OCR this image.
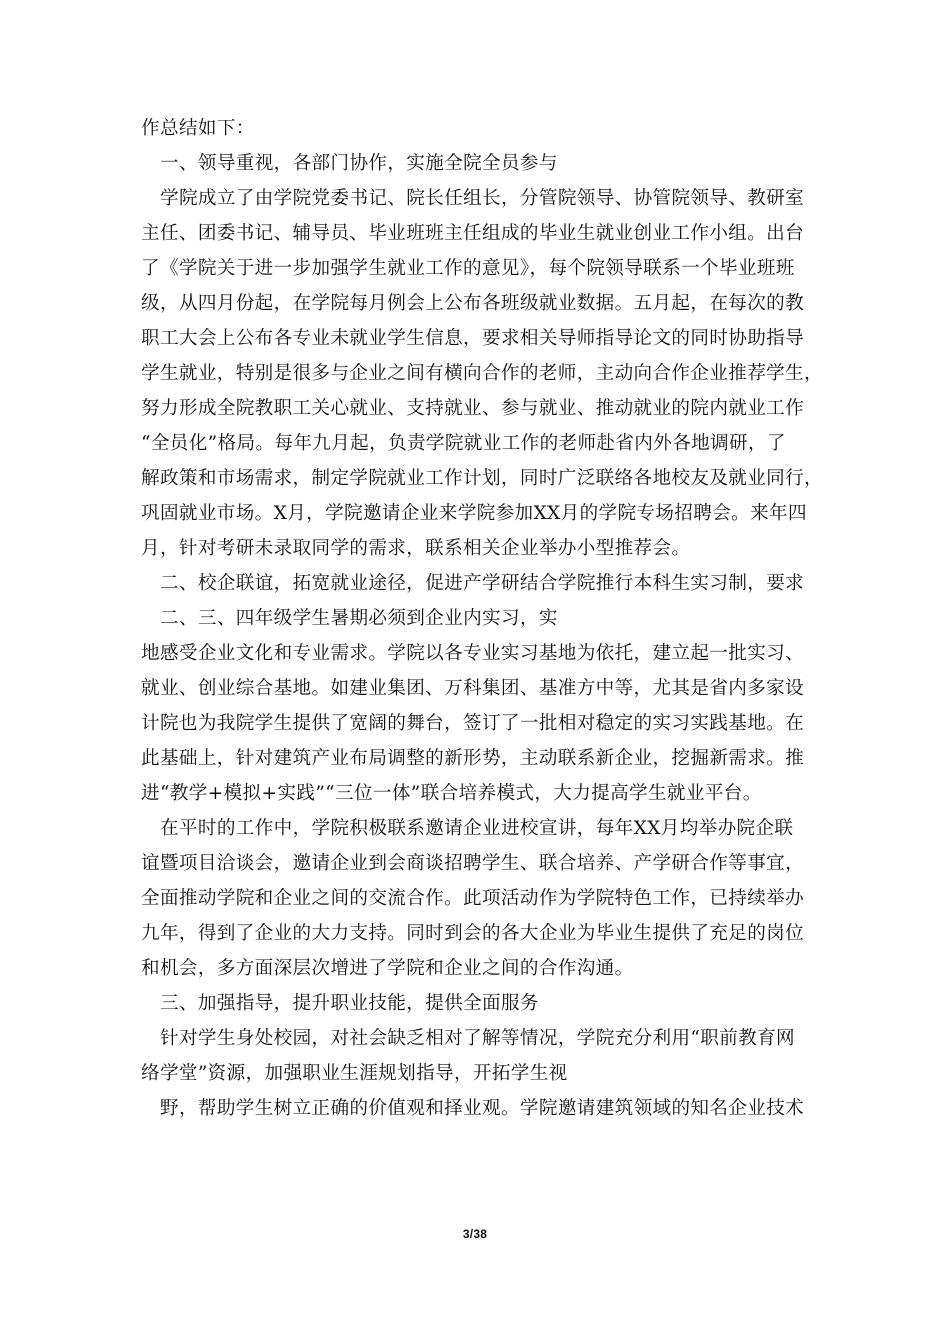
作总结如下：
一、领导重视，各部门协作，实施全院全员参与
学院成立了由学院党委书记、院长任组长，分管院领导、协管院领导、教研室
主任、团委书记、辅导员、毕业班班主任组成的毕业生就业创业工作小组。出台
了《学院关于进一步加强学生就业工作的意见》，每个院领导联系一个毕业班班
级，从四月份起，在学院每月例会上公布各班级就业数据。五月起，在每次的教
职工大会上公布各专业未就业学生信息，要求相关导师指导论文的同时协助指导
学生就业，特别是很多与企业之间有横向合作的老师，主动向合作企业推荐学生，
努力形成全院教职工关心就业、支持就业、参与就业、推动就业的院内就业工作
“全员化”格局。每年九月起，负责学院就业工作的老师赴省内外各地调研，了
解政策和市场需求，制定学院就业工作计划，同时广泛联络各地校友及就业同行，
巩固就业市场。X月，学院邀请企业来学院参加XX月的学院专场招聘会。来年四
月，针对考研未录取同学的需求，联系相关企业举办小型推荐会。
二、校企联谊，拓宽就业途径，促进产学研结合学院推行本科生实习制，要求
二、三、四年级学生暑期必须到企业内实习，实
地感受企业文化和专业需求。学院以各专业实习基地为依托，建立起一批实习、
就业、创业综合基地。如建业集团、万科集团、基准方中等，尤其是省内多家设
计院也为我院学生提供了宽阔的舞台，签订了一批相对稳定的实习实践基地。在
此基础上，针对建筑产业布局调整的新形势，主动联系新企业，挖掘新需求。推
进“教学+模拟+实践”“三位一体”联合培养模式，大力提高学生就业平台。
在平时的工作中，学院积极联系邀请企业进校宣讲，每年XX月均举办院企联
谊暨项目洽谈会，邀请企业到会商谈招聘学生、联合培养、产学研合作等事宜，
全面推动学院和企业之间的交流合作。此项活动作为学院特色工作，已持续举办
九年，得到了企业的大力支持。同时到会的各大企业为毕业生提供了充足的岗位
和机会，多方面深层次增进了学院和企业之间的合作沟通。
三、加强指导，提升职业技能，提供全面服务
针对学生身处校园，对社会缺乏相对了解等情况，学院充分利用“职前教育网
络学堂”资源，加强职业生涯规划指导，开拓学生视
野，帮助学生树立正确的价值观和择业观。学院邀请建筑领域的知名企业技术
3/38
